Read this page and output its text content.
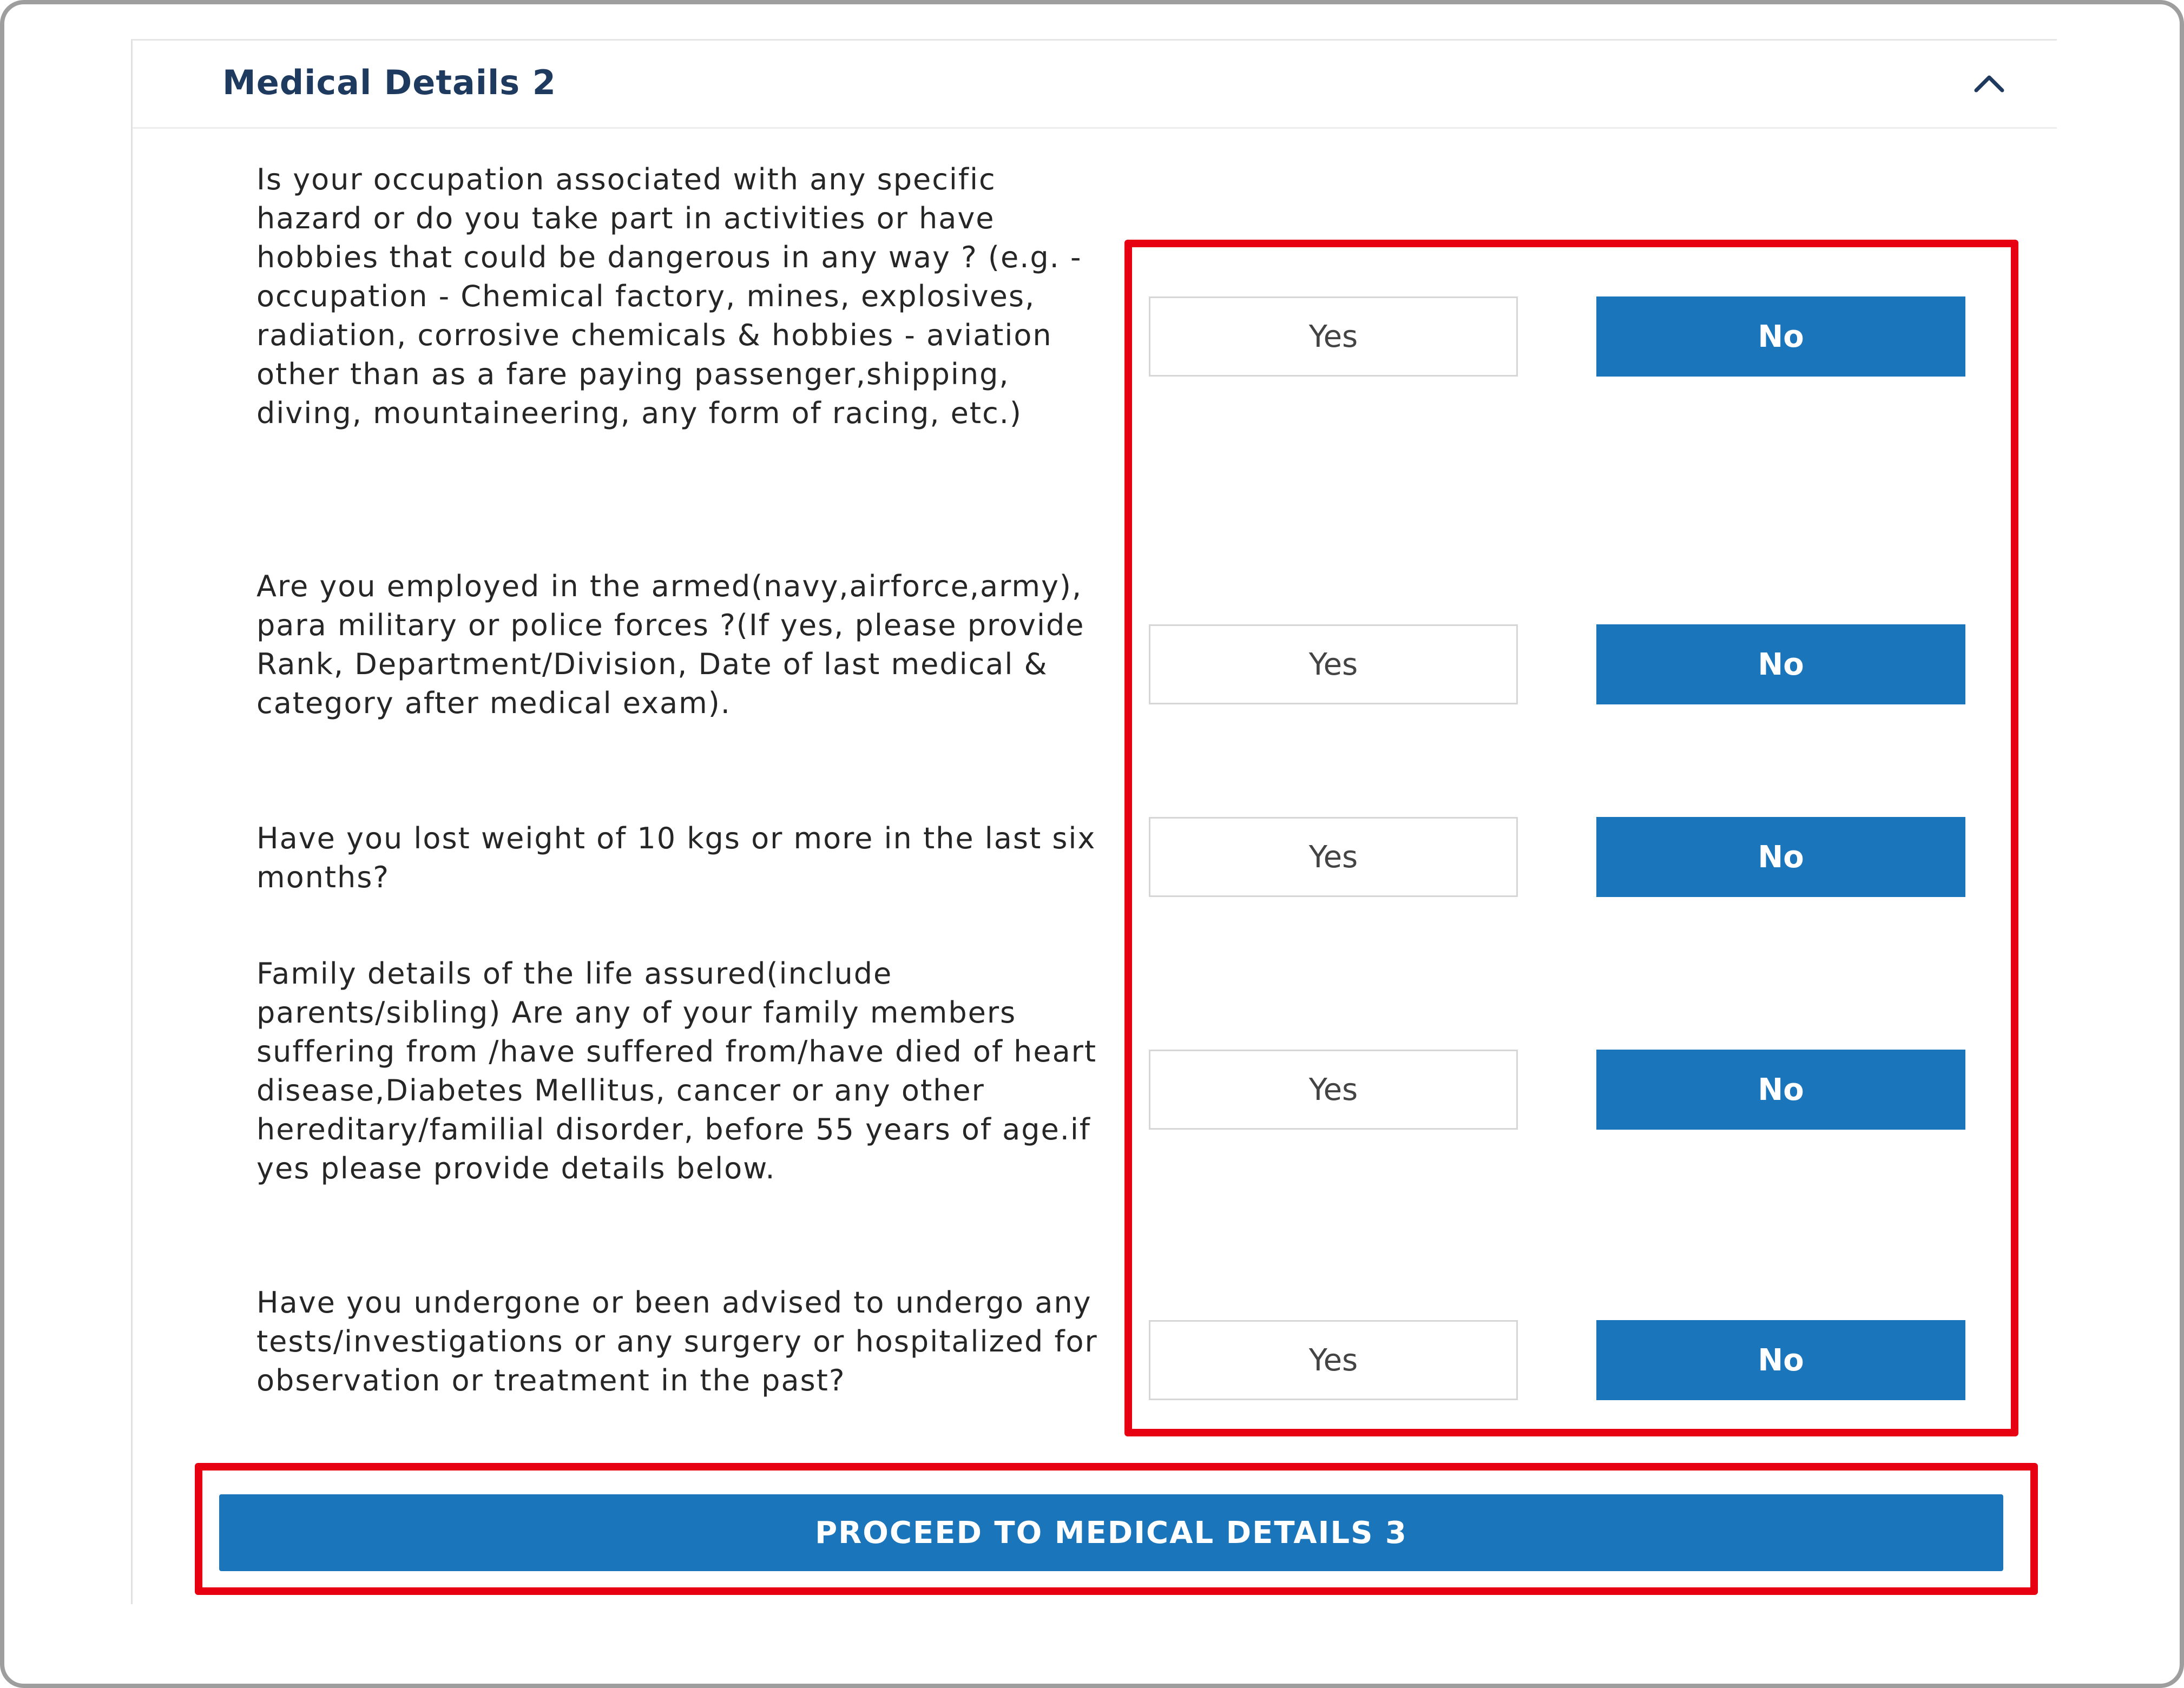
Medical Details 2
Is your occupation associated with any specific hazard or do you take part in activities or have hobbies that could be dangerous in any way ? (e.g. - occupation - Chemical factory, mines, explosives, radiation, corrosive chemicals & hobbies - aviation other than as a fare paying passenger,shipping, diving, mountaineering, any form of racing, etc.)
Yes	No
Are you employed in the armed(navy,airforce,army), para military or police forces ?(If yes, please provide Rank, Department/Division, Date of last medical & category after medical exam).
Yes	No
Have you lost weight of 10 kgs or more in the last six months?
Yes	No
Family details of the life assured(include parents/sibling) Are any of your family members suffering from /have suffered from/have died of heart disease,Diabetes Mellitus, cancer or any other hereditary/familial disorder, before 55 years of age.if yes please provide details below.
Yes	No
Have you undergone or been advised to undergo any tests/investigations or any surgery or hospitalized for observation or treatment in the past?
Yes	No
PROCEED TO MEDICAL DETAILS 3
